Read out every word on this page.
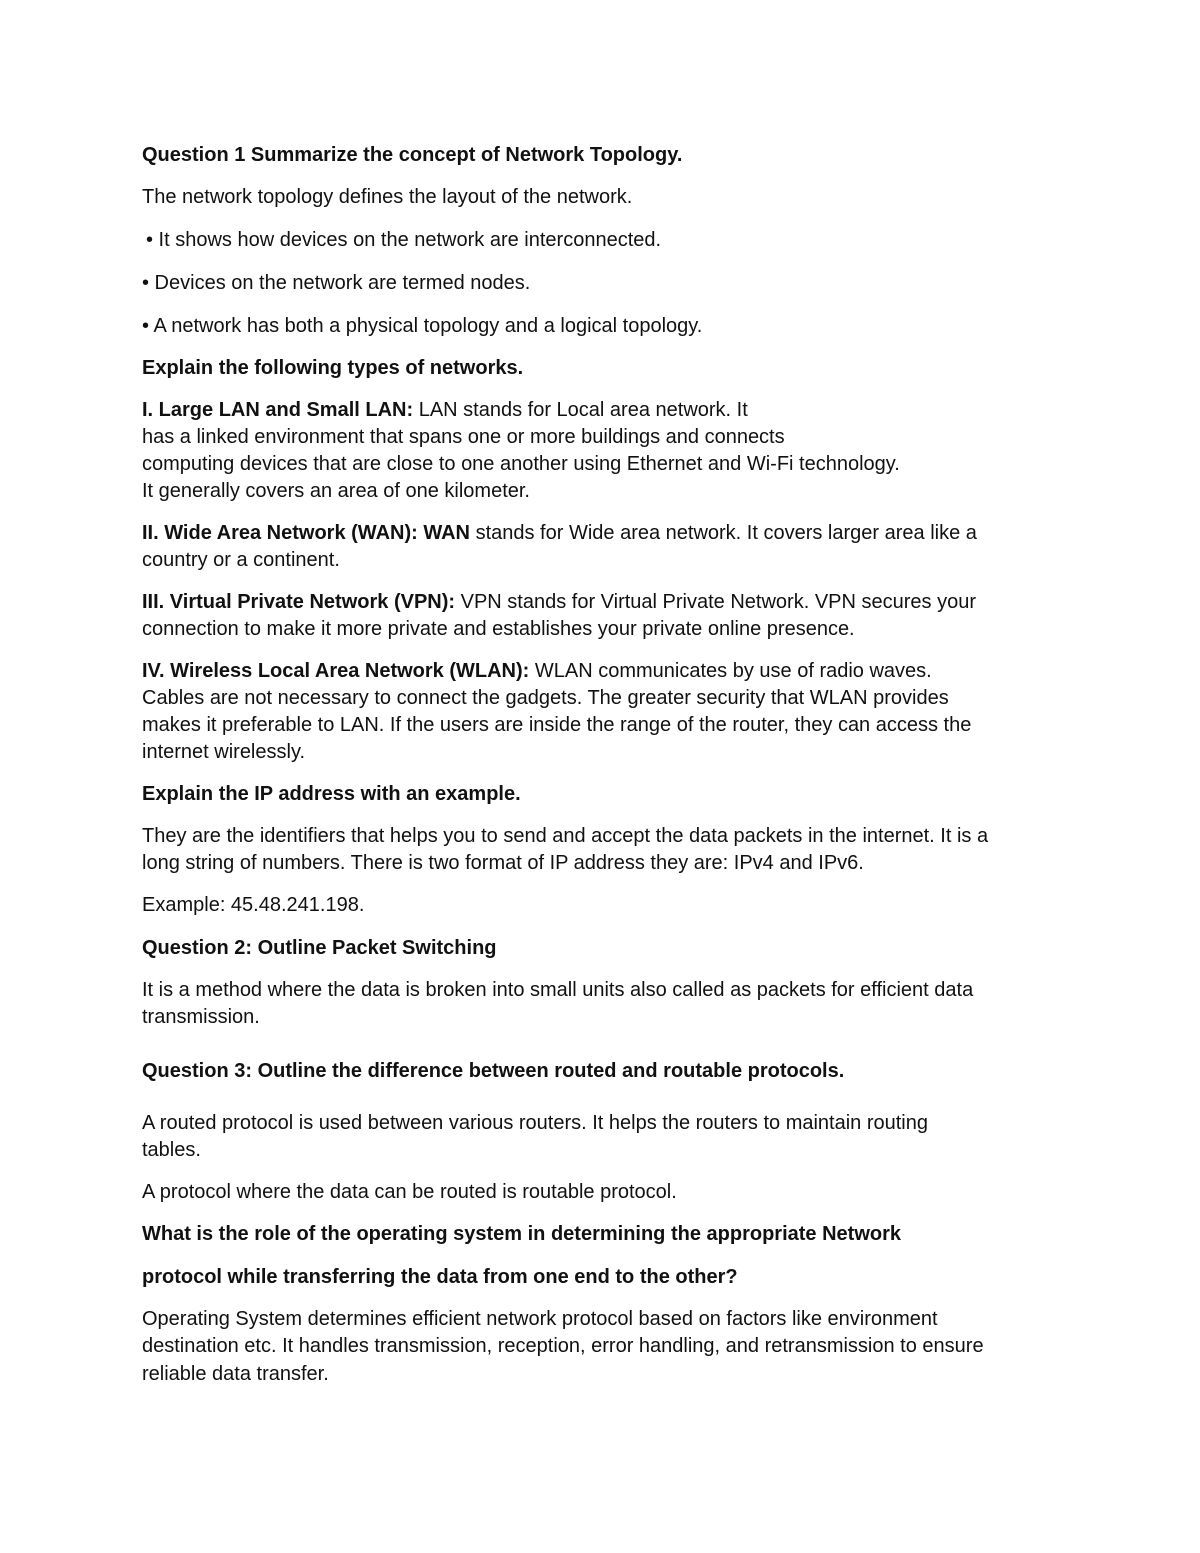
Question 1 Summarize the concept of Network Topology.
The network topology defines the layout of the network.
• It shows how devices on the network are interconnected.
• Devices on the network are termed nodes.
• A network has both a physical topology and a logical topology.
Explain the following types of networks.
I. Large LAN and Small LAN: LAN stands for Local area network. It
has a linked environment that spans one or more buildings and connects
computing devices that are close to one another using Ethernet and Wi-Fi technology.
It generally covers an area of one kilometer.
II. Wide Area Network (WAN): WAN stands for Wide area network. It covers larger area like a
country or a continent.
III. Virtual Private Network (VPN): VPN stands for Virtual Private Network. VPN secures your
connection to make it more private and establishes your private online presence.
IV. Wireless Local Area Network (WLAN): WLAN communicates by use of radio waves.
Cables are not necessary to connect the gadgets. The greater security that WLAN provides
makes it preferable to LAN. If the users are inside the range of the router, they can access the
internet wirelessly.
Explain the IP address with an example.
They are the identifiers that helps you to send and accept the data packets in the internet. It is a
long string of numbers. There is two format of IP address they are: IPv4 and IPv6.
Example: 45.48.241.198.
Question 2: Outline Packet Switching
It is a method where the data is broken into small units also called as packets for efficient data
transmission.
Question 3: Outline the difference between routed and routable protocols.
A routed protocol is used between various routers. It helps the routers to maintain routing
tables.
A protocol where the data can be routed is routable protocol.
What is the role of the operating system in determining the appropriate Network
protocol while transferring the data from one end to the other?
Operating System determines efficient network protocol based on factors like environment
destination etc. It handles transmission, reception, error handling, and retransmission to ensure
reliable data transfer.
